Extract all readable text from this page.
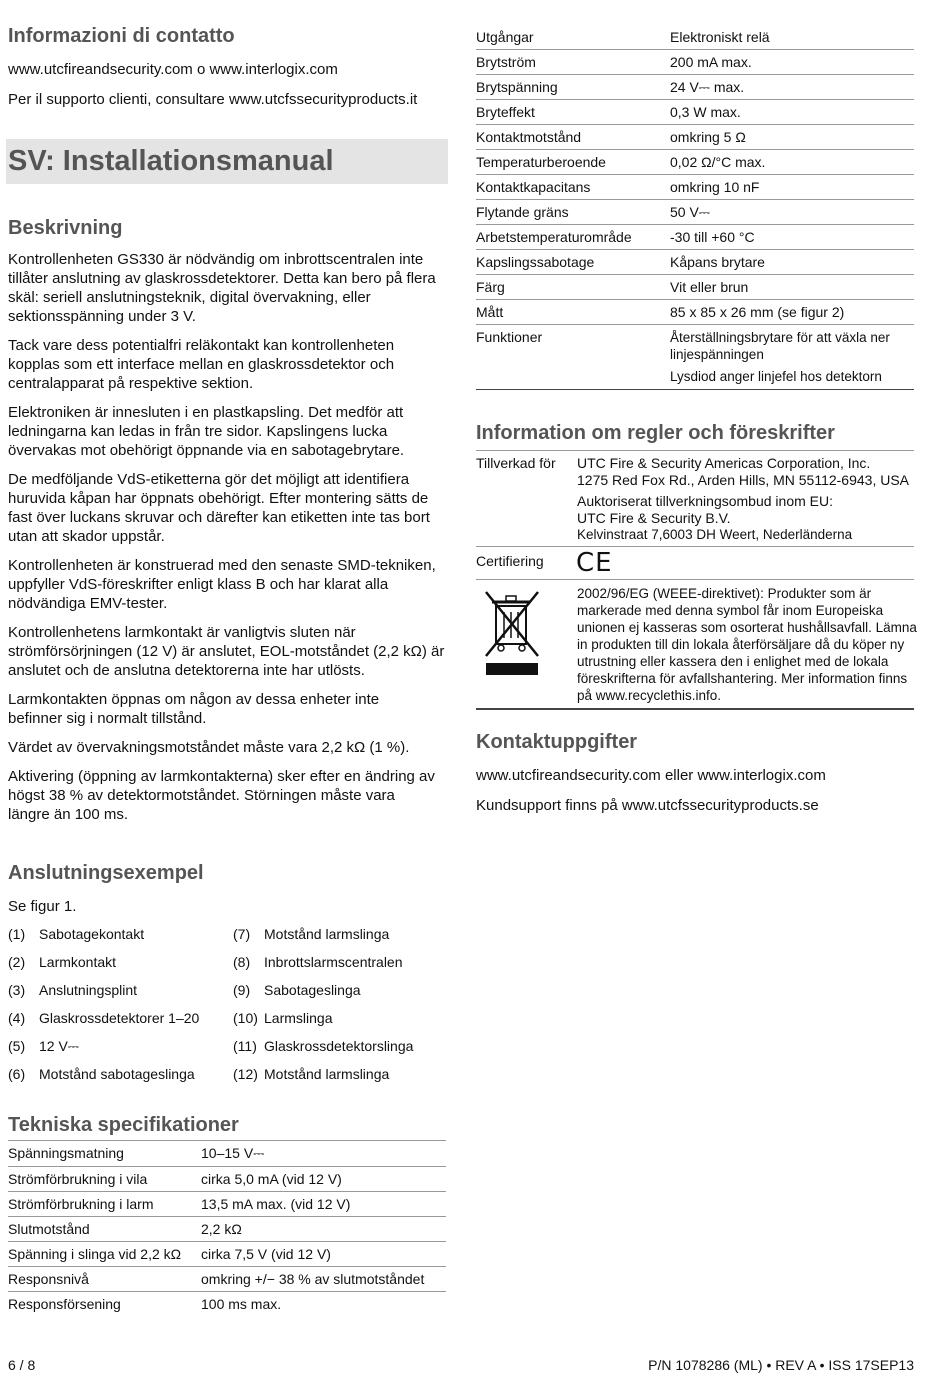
Informazioni di contatto

www.utcfireandsecurity.com o www.interlogix.com

Per il supporto clienti, consultare www.utcfssecurityproducts.it

SV: Installationsmanual
Beskrivning

Kontrollenheten GS330 är nödvändig om inbrottscentralen inte tillåter anslutning av glaskrossdetektorer. Detta kan bero på flera skäl: seriell anslutningsteknik, digital övervakning, eller sektionsspänning under 3 V.

Tack vare dess potentialfri reläkontakt kan kontrollenheten kopplas som ett interface mellan en glaskrossdetektor och centralapparat på respektive sektion.

Elektroniken är innesluten i en plastkapsling. Det medför att ledningarna kan ledas in från tre sidor. Kapslingens lucka övervakas mot obehörigt öppnande via en sabotagebrytare.

De medföljande VdS-etiketterna gör det möjligt att identifiera huruvida kåpan har öppnats obehörigt. Efter montering sätts de fast över luckans skruvar och därefter kan etiketten inte tas bort utan att skador uppstår.

Kontrollenheten är konstruerad med den senaste SMD-tekniken, uppfyller VdS-föreskrifter enligt klass B och har klarat alla nödvändiga EMV-tester.

Kontrollenhetens larmkontakt är vanligtvis sluten när strömförsörjningen (12 V) är anslutet, EOL-motståndet (2,2 kΩ) är anslutet och de anslutna detektorerna inte har utlösts.

Larmkontakten öppnas om någon av dessa enheter inte befinner sig i normalt tillstånd.

Värdet av övervakningsmotståndet måste vara 2,2 kΩ (1 %).

Aktivering (öppning av larmkontakterna) sker efter en ändring av högst 38 % av detektormotståndet. Störningen måste vara längre än 100 ms.

Anslutningsexempel

Se figur 1.

(1) Sabotagekontakt
(2) Larmkontakt
(3) Anslutningsplint
(4) Glaskrossdetektorer 1–20
(5) 12 V⎓
(6) Motstånd sabotageslinga
(7) Motstånd larmslinga
(8) Inbrottslarmscentralen
(9) Sabotageslinga
(10) Larmslinga
(11) Glaskrossdetektorslinga
(12) Motstånd larmslinga
Tekniska specifikationer
Spänningsmatning	10–15 V⎓
Strömförbrukning i vila	cirka 5,0 mA (vid 12 V)
Strömförbrukning i larm	13,5 mA max. (vid 12 V)
Slutmotstånd	2,2 kΩ
Spänning i slinga vid 2,2 kΩ cirka 7,5 V (vid 12 V)
Responsnivå	omkring +/− 38 % av slutmotståndet
Responsförsening	100 ms max.
Utgångar	Elektroniskt relä
Brytström	200 mA max.
Brytspänning	24 V⎓ max.
Bryteffekt	0,3 W max.
Kontaktmotstånd	omkring 5 Ω
Temperaturberoende	0,02 Ω/°C max.
Kontaktkapacitans	omkring 10 nF
Flytande gräns	50 V⎓
Arbetstemperaturområde	-30 till +60 °C
Kapslingssabotage	Kåpans brytare
Färg	Vit eller brun
Mått	85 x 85 x 26 mm (se figur 2)
Funktioner	Återställningsbrytare för att växla ner linjespänningen
Lysdiod anger linjefel hos detektorn
Information om regler och föreskrifter
Tillverkad för UTC Fire & Security Americas Corporation, Inc.
1275 Red Fox Rd., Arden Hills, MN 55112-6943, USA
Auktoriserat tillverkningsombud inom EU:
UTC Fire & Security B.V.
Kelvinstraat 7,6003 DH Weert, Nederländerna
Certifiering CE
2002/96/EG (WEEE-direktivet): Produkter som är markerade med denna symbol får inom Europeiska unionen ej kasseras som osorterat hushållsavfall. Lämna in produkten till din lokala återförsäljare då du köper ny utrustning eller kassera den i enlighet med de lokala föreskrifterna för avfallshantering. Mer information finns på www.recyclethis.info.
Kontaktuppgifter

www.utcfireandsecurity.com eller www.interlogix.com

Kundsupport finns på www.utcfssecurityproducts.se

6 / 8	P/N 1078286 (ML) • REV A • ISS 17SEP13
